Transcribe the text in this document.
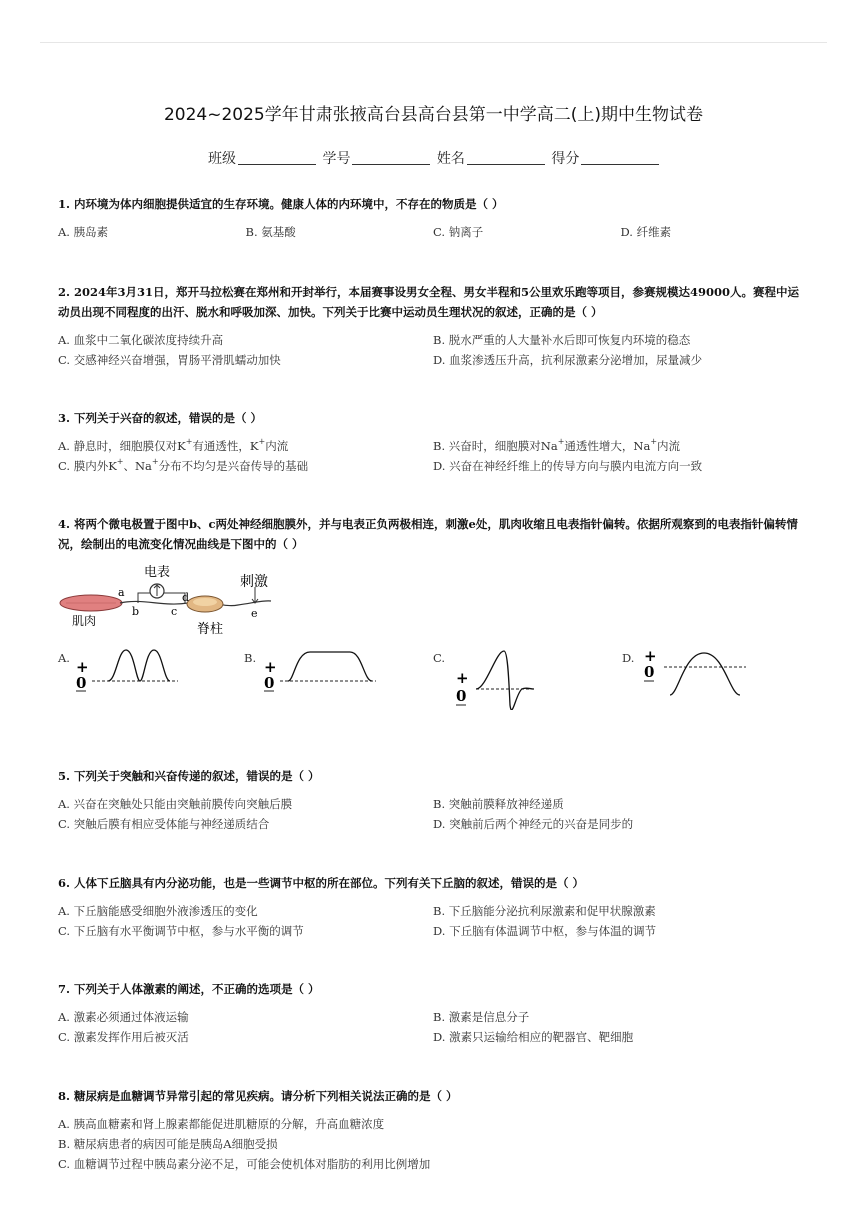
2024~2025学年甘肃张掖高台县高台县第一中学高二(上)期中生物试卷
班级	学号	姓名	得分
1. 内环境为体内细胞提供适宜的生存环境。健康人体的内环境中，不存在的物质是（ ）
A. 胰岛素	B. 氨基酸	C. 钠离子	D. 纤维素
2. 2024年3月31日，郑开马拉松赛在郑州和开封举行，本届赛事设男女全程、男女半程和5公里欢乐跑等项目，参赛规模达49000人。赛程中运动员出现不同程度的出汗、脱水和呼吸加深、加快。下列关于比赛中运动员生理状况的叙述，正确的是（ ）
A. 血浆中二氧化碳浓度持续升高	B. 脱水严重的人大量补水后即可恢复内环境的稳态
C. 交感神经兴奋增强，胃肠平滑肌蠕动加快	D. 血浆渗透压升高，抗利尿激素分泌增加，尿量减少
3. 下列关于兴奋的叙述，错误的是（ ）
A. 静息时，细胞膜仅对K+有通透性，K+内流	B. 兴奋时，细胞膜对Na+通透性增大，Na+内流
C. 膜内外K+、Na+分布不均匀是兴奋传导的基础	D. 兴奋在神经纤维上的传导方向与膜内电流方向一致
4. 将两个微电极置于图中b、c两处神经细胞膜外，并与电表正负两极相连，刺激e处，肌肉收缩且电表指针偏转。依据所观察到的电表指针偏转情况，绘制出的电流变化情况曲线是下图中的（ ）
电表
刺激
肌肉
脊柱
a
b	c
d
e
A. +
0
B. +
0
C.
+
0
D. +
0
5. 下列关于突触和兴奋传递的叙述，错误的是（ ）
A. 兴奋在突触处只能由突触前膜传向突触后膜	B. 突触前膜释放神经递质
C. 突触后膜有相应受体能与神经递质结合	D. 突触前后两个神经元的兴奋是同步的
6. 人体下丘脑具有内分泌功能，也是一些调节中枢的所在部位。下列有关下丘脑的叙述，错误的是（ ）
A. 下丘脑能感受细胞外液渗透压的变化	B. 下丘脑能分泌抗利尿激素和促甲状腺激素
C. 下丘脑有水平衡调节中枢，参与水平衡的调节	D. 下丘脑有体温调节中枢，参与体温的调节
7. 下列关于人体激素的阐述，不正确的选项是（ ）
A. 激素必须通过体液运输	B. 激素是信息分子
C. 激素发挥作用后被灭活	D. 激素只运输给相应的靶器官、靶细胞
8. 糖尿病是血糖调节异常引起的常见疾病。请分析下列相关说法正确的是（ ）
A. 胰高血糖素和肾上腺素都能促进肌糖原的分解，升高血糖浓度
B. 糖尿病患者的病因可能是胰岛A细胞受损
C. 血糖调节过程中胰岛素分泌不足，可能会使机体对脂肪的利用比例增加
